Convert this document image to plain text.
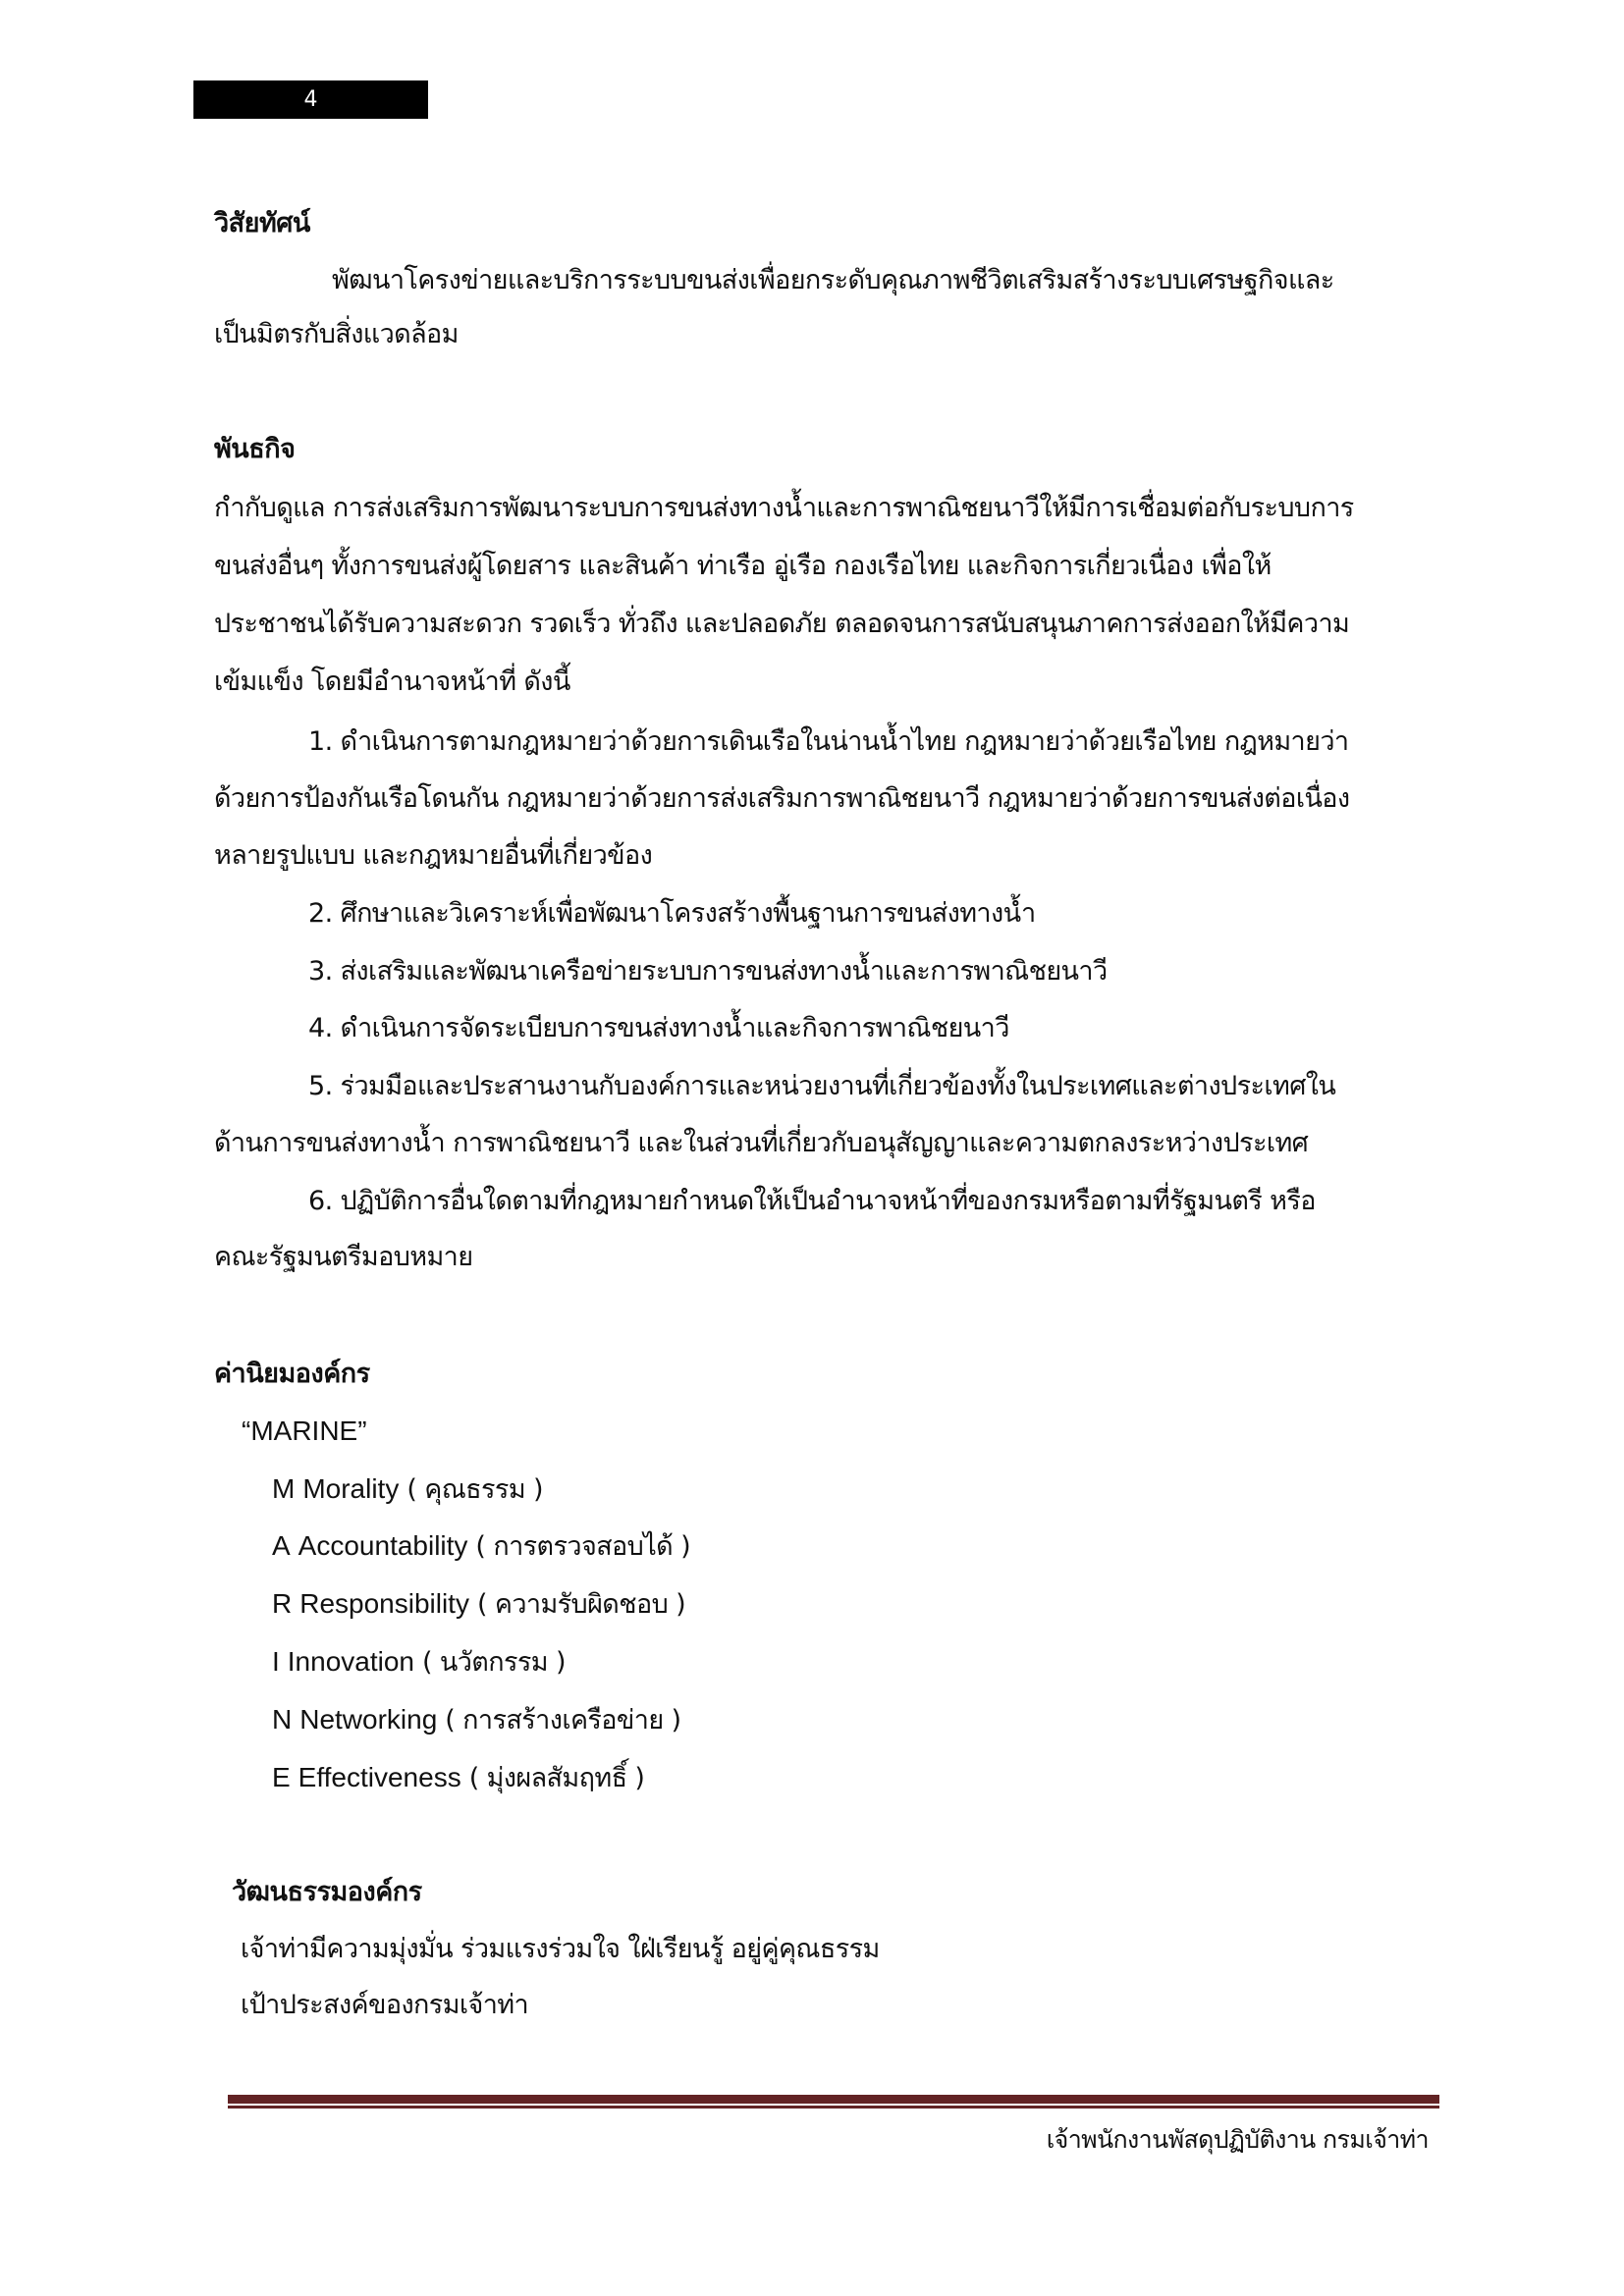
4
วิสัยทัศน์
พัฒนาโครงข่ายและบริการระบบขนส่งเพื่อยกระดับคุณภาพชีวิตเสริมสร้างระบบเศรษฐกิจและ
เป็นมิตรกับสิ่งแวดล้อม
พันธกิจ
กำกับดูแล การส่งเสริมการพัฒนาระบบการขนส่งทางน้ำและการพาณิชยนาวีให้มีการเชื่อมต่อกับระบบการ
ขนส่งอื่นๆ ทั้งการขนส่งผู้โดยสาร และสินค้า ท่าเรือ อู่เรือ กองเรือไทย และกิจการเกี่ยวเนื่อง เพื่อให้
ประชาชนได้รับความสะดวก รวดเร็ว ทั่วถึง และปลอดภัย ตลอดจนการสนับสนุนภาคการส่งออกให้มีความ
เข้มแข็ง โดยมีอำนาจหน้าที่ ดังนี้
1. ดำเนินการตามกฎหมายว่าด้วยการเดินเรือในน่านน้ำไทย กฎหมายว่าด้วยเรือไทย กฎหมายว่า
ด้วยการป้องกันเรือโดนกัน กฎหมายว่าด้วยการส่งเสริมการพาณิชยนาวี กฎหมายว่าด้วยการขนส่งต่อเนื่อง
หลายรูปแบบ และกฎหมายอื่นที่เกี่ยวข้อง
2. ศึกษาและวิเคราะห์เพื่อพัฒนาโครงสร้างพื้นฐานการขนส่งทางน้ำ
3. ส่งเสริมและพัฒนาเครือข่ายระบบการขนส่งทางน้ำและการพาณิชยนาวี
4. ดำเนินการจัดระเบียบการขนส่งทางน้ำและกิจการพาณิชยนาวี
5. ร่วมมือและประสานงานกับองค์การและหน่วยงานที่เกี่ยวข้องทั้งในประเทศและต่างประเทศใน
ด้านการขนส่งทางน้ำ การพาณิชยนาวี และในส่วนที่เกี่ยวกับอนุสัญญาและความตกลงระหว่างประเทศ
6. ปฏิบัติการอื่นใดตามที่กฎหมายกำหนดให้เป็นอำนาจหน้าที่ของกรมหรือตามที่รัฐมนตรี หรือ
คณะรัฐมนตรีมอบหมาย
ค่านิยมองค์กร
“MARINE”
M Morality ( คุณธรรม )
A Accountability ( การตรวจสอบได้ )
R Responsibility ( ความรับผิดชอบ )
I Innovation ( นวัตกรรม )
N Networking ( การสร้างเครือข่าย )
E Effectiveness ( มุ่งผลสัมฤทธิ์ )
วัฒนธรรมองค์กร
เจ้าท่ามีความมุ่งมั่น ร่วมแรงร่วมใจ ใฝ่เรียนรู้ อยู่คู่คุณธรรม
เป้าประสงค์ของกรมเจ้าท่า
เจ้าพนักงานพัสดุปฏิบัติงาน กรมเจ้าท่า
